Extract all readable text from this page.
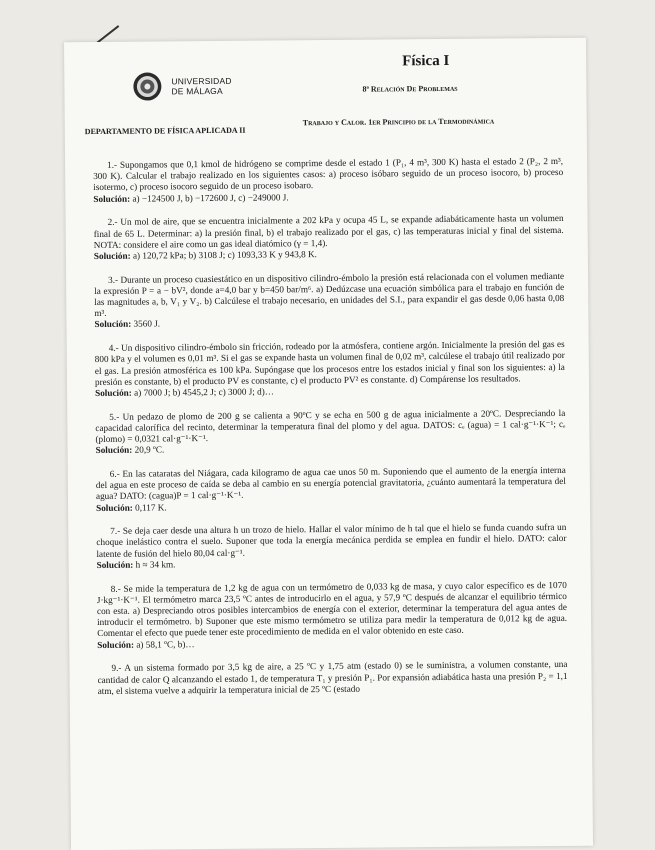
UNIVERSIDAD
DE MÁLAGA
Física I
8ª Relación De Problemas
DEPARTAMENTO DE FÍSICA APLICADA II
Trabajo y Calor. 1er Principio de la Termodinámica
1.- Supongamos que 0,1 kmol de hidrógeno se comprime desde el estado 1 (P₁, 4 m³, 300 K) hasta el estado 2 (P₂, 2 m³, 300 K). Calcular el trabajo realizado en los siguientes casos: a) proceso isóbaro seguido de un proceso isocoro, b) proceso isotermo, c) proceso isocoro seguido de un proceso isobaro.
Solución: a) −124500 J, b) −172600 J, c) −249000 J.
2.- Un mol de aire, que se encuentra inicialmente a 202 kPa y ocupa 45 L, se expande adiabáticamente hasta un volumen final de 65 L. Determinar: a) la presión final, b) el trabajo realizado por el gas, c) las temperaturas inicial y final del sistema. NOTA: considere el aire como un gas ideal diatómico (γ = 1,4).
Solución: a) 120,72 kPa; b) 3108 J; c) 1093,33 K y 943,8 K.
3.- Durante un proceso cuasiestático en un dispositivo cilindro-émbolo la presión está relacionada con el volumen mediante la expresión P = a − bV², donde a=4,0 bar y b=450 bar/m⁶. a) Dedúzcase una ecuación simbólica para el trabajo en función de las magnitudes a, b, V₁ y V₂. b) Calcúlese el trabajo necesario, en unidades del S.I., para expandir el gas desde 0,06 hasta 0,08 m³.
Solución: 3560 J.
4.- Un dispositivo cilindro-émbolo sin fricción, rodeado por la atmósfera, contiene argón. Inicialmente la presión del gas es 800 kPa y el volumen es 0,01 m³. Si el gas se expande hasta un volumen final de 0,02 m³, calcúlese el trabajo útil realizado por el gas. La presión atmosférica es 100 kPa. Supóngase que los procesos entre los estados inicial y final son los siguientes: a) la presión es constante, b) el producto PV es constante, c) el producto PV² es constante. d) Compárense los resultados.
Solución: a) 7000 J; b) 4545,2 J; c) 3000 J; d)…
5.- Un pedazo de plomo de 200 g se calienta a 90ºC y se echa en 500 g de agua inicialmente a 20ºC. Despreciando la capacidad calorífica del recinto, determinar la temperatura final del plomo y del agua. DATOS: cₑ (agua) = 1 cal·g⁻¹·K⁻¹; cₑ (plomo) = 0,0321 cal·g⁻¹·K⁻¹.
Solución: 20,9 ºC.
6.- En las cataratas del Niágara, cada kilogramo de agua cae unos 50 m. Suponiendo que el aumento de la energía interna del agua en este proceso de caída se deba al cambio en su energía potencial gravitatoria, ¿cuánto aumentará la temperatura del agua? DATO: (cagua)P = 1 cal·g⁻¹·K⁻¹.
Solución: 0,117 K.
7.- Se deja caer desde una altura h un trozo de hielo. Hallar el valor mínimo de h tal que el hielo se funda cuando sufra un choque inelástico contra el suelo. Suponer que toda la energía mecánica perdida se emplea en fundir el hielo. DATO: calor latente de fusión del hielo 80,04 cal·g⁻¹.
Solución: h ≈ 34 km.
8.- Se mide la temperatura de 1,2 kg de agua con un termómetro de 0,033 kg de masa, y cuyo calor específico es de 1070 J·kg⁻¹·K⁻¹. El termómetro marca 23,5 ºC antes de introducirlo en el agua, y 57,9 ºC después de alcanzar el equilibrio térmico con esta. a) Despreciando otros posibles intercambios de energía con el exterior, determinar la temperatura del agua antes de introducir el termómetro. b) Suponer que este mismo termómetro se utiliza para medir la temperatura de 0,012 kg de agua. Comentar el efecto que puede tener este procedimiento de medida en el valor obtenido en este caso.
Solución: a) 58,1 ºC, b)…
9.- A un sistema formado por 3,5 kg de aire, a 25 ºC y 1,75 atm (estado 0) se le suministra, a volumen constante, una cantidad de calor Q alcanzando el estado 1, de temperatura T₁ y presión P₁. Por expansión adiabática hasta una presión P₂ = 1,1 atm, el sistema vuelve a adquirir la temperatura inicial de 25 ºC (estado
